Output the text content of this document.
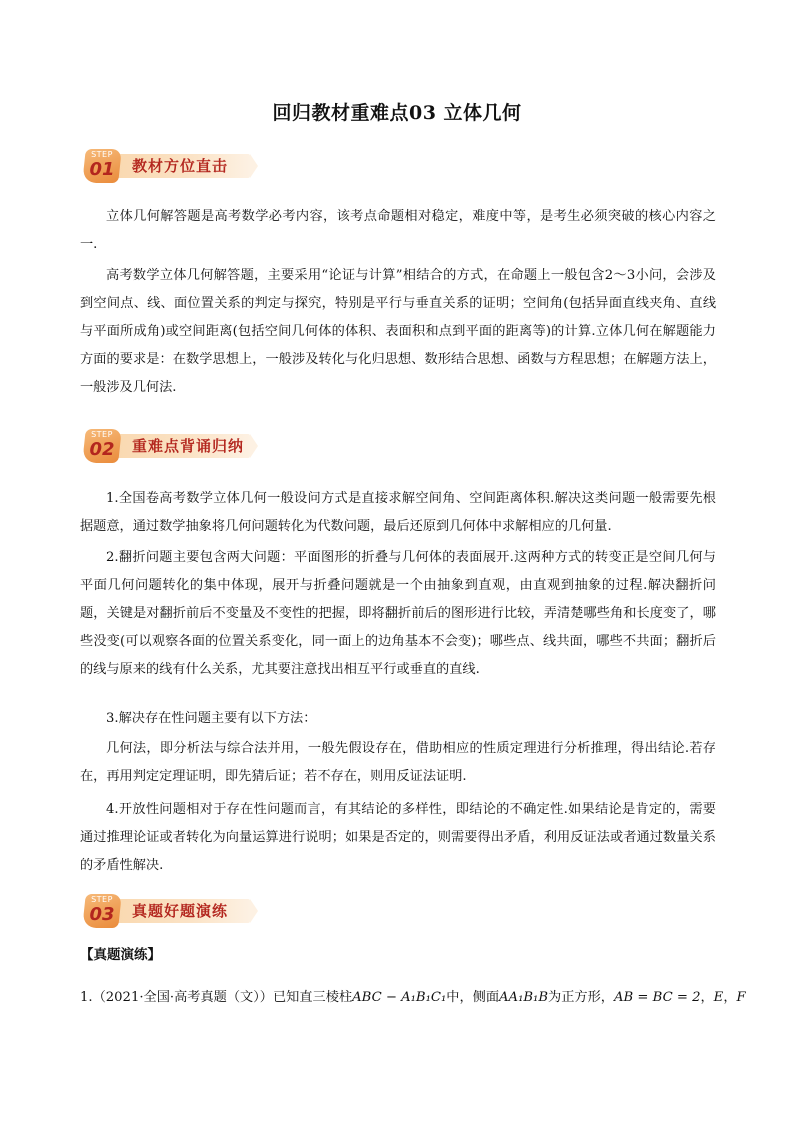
回归教材重难点03 立体几何
STEP
01	教材方位直击
立体几何解答题是高考数学必考内容，该考点命题相对稳定，难度中等，是考生必须突破的核心内容之一.
高考数学立体几何解答题，主要采用“论证与计算”相结合的方式，在命题上一般包含2～3小问，会涉及到空间点、线、面位置关系的判定与探究，特别是平行与垂直关系的证明；空间角(包括异面直线夹角、直线与平面所成角)或空间距离(包括空间几何体的体积、表面积和点到平面的距离等)的计算.立体几何在解题能力方面的要求是：在数学思想上，一般涉及转化与化归思想、数形结合思想、函数与方程思想；在解题方法上，一般涉及几何法.
STEP
02	重难点背诵归纳
1.全国卷高考数学立体几何一般设问方式是直接求解空间角、空间距离体积.解决这类问题一般需要先根据题意，通过数学抽象将几何问题转化为代数问题，最后还原到几何体中求解相应的几何量.
2.翻折问题主要包含两大问题：平面图形的折叠与几何体的表面展开.这两种方式的转变正是空间几何与平面几何问题转化的集中体现，展开与折叠问题就是一个由抽象到直观，由直观到抽象的过程.解决翻折问题，关键是对翻折前后不变量及不变性的把握，即将翻折前后的图形进行比较，弄清楚哪些角和长度变了，哪些没变(可以观察各面的位置关系变化，同一面上的边角基本不会变)；哪些点、线共面，哪些不共面；翻折后的线与原来的线有什么关系，尤其要注意找出相互平行或垂直的直线.
3.解决存在性问题主要有以下方法：
几何法，即分析法与综合法并用，一般先假设存在，借助相应的性质定理进行分析推理，得出结论.若存在，再用判定定理证明，即先猜后证；若不存在，则用反证法证明.
4.开放性问题相对于存在性问题而言，有其结论的多样性，即结论的不确定性.如果结论是肯定的，需要通过推理论证或者转化为向量运算进行说明；如果是否定的，则需要得出矛盾，利用反证法或者通过数量关系的矛盾性解决.
STEP
03	真题好题演练
【真题演练】
1.（2021·全国·高考真题（文））已知直三棱柱ABC − A₁B₁C₁中，侧面AA₁B₁B为正方形，AB = BC = 2，E，F
